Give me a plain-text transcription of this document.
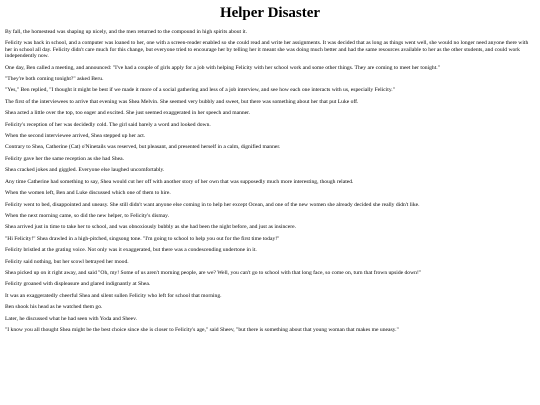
Helper Disaster

By fall, the homestead was shaping up nicely, and the men returned to the compound in high spirits about it.

Felicity was back in school, and a computer was loaned to her, one with a screen-reader enabled so she could read and write her assignments. It was decided that as long as things went well, she would no longer need anyone there with her in school all day. Felicity didn't care much for this change, but everyone tried to encourage her by telling her it meant she was doing much better and had the same resources available to her as the other students, and could work independently now.

One day, Ben called a meeting, and announced: "I've had a couple of girls apply for a job with helping Felicity with her school work and some other things. They are coming to meet her tonight."

"They're both coming tonight?" asked Beru.

"Yes," Ben replied, "I thought it might be best if we made it more of a social gathering and less of a job interview, and see how each one interacts with us, especially Felicity."

The first of the interviewees to arrive that evening was Shea Melvin. She seemed very bubbly and sweet, but there was something about her that put Luke off.

Shea acted a little over the top, too eager and excited. She just seemed exaggerated in her speech and manner.

Felicity's reception of her was decidedly cold. The girl said barely a word and looked down.

When the second interviewee arrived, Shea stepped up her act.

Contrary to Shea, Catherine (Cat) o'Ninetails was reserved, but pleasant, and presented herself in a calm, dignified manner.

Felicity gave her the same reception as she had Shea.

Shea cracked jokes and giggled. Everyone else laughed uncomfortably.

Any time Catherine had something to say, Shea would cut her off with another story of her own that was supposedly much more interesting, though related.

When the women left, Ben and Luke discussed which one of them to hire.

Felicity went to bed, disappointed and uneasy. She still didn't want anyone else coming in to help her except Ocean, and one of the new women she already decided she really didn't like.

When the next morning came, so did the new helper, to Felicity's dismay.

Shea arrived just in time to take her to school, and was obnoxiously bubbly as she had been the night before, and just as insincere.

"Hi Felicity!" Shea drawled in a high-pitched, singsong tone. "I'm going to school to help you out for the first time today!"

Felicity bristled at the grating voice. Not only was it exaggerated, but there was a condescending undertone in it.

Felicity said nothing, but her scowl betrayed her mood.

Shea picked up on it right away, and said "Oh, my! Some of us aren't morning people, are we? Well, you can't go to school with that long face, so come on, turn that frown upside down!"

Felicity groaned with displeasure and glared indignantly at Shea.

It was an exaggeratedly cheerful Shea and silent sullen Felicity who left for school that morning.

Ben shook his head as he watched them go.

Later, he discussed what he had seen with Yoda and Sheev.

"I know you all thought Shea might be the best choice since she is closer to Felicity's age," said Sheev, "but there is something about that young woman that makes me uneasy."
